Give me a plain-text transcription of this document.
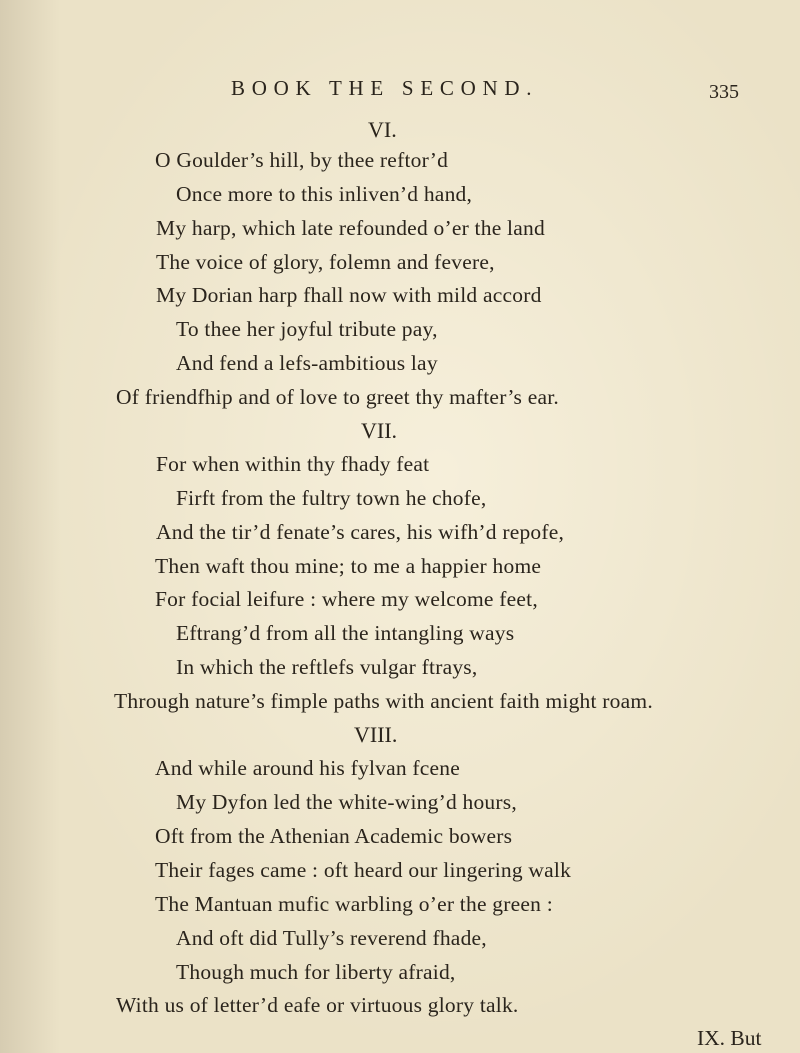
BOOK THE SECOND.	335
VI.
O Goulder’s hill, by thee reftor’d
Once more to this inliven’d hand,
My harp, which late refounded o’er the land
The voice of glory, folemn and fevere,
My Dorian harp fhall now with mild accord
To thee her joyful tribute pay,
And fend a lefs-ambitious lay
Of friendfhip and of love to greet thy mafter’s ear.
VII.
For when within thy fhady feat
Firft from the fultry town he chofe,
And the tir’d fenate’s cares, his wifh’d repofe,
Then waft thou mine; to me a happier home
For focial leifure : where my welcome feet,
Eftrang’d from all the intangling ways
In which the reftlefs vulgar ftrays,
Through nature’s fimple paths with ancient faith might roam.
VIII.
And while around his fylvan fcene
My Dyfon led the white-wing’d hours,
Oft from the Athenian Academic bowers
Their fages came : oft heard our lingering walk
The Mantuan mufic warbling o’er the green :
And oft did Tully’s reverend fhade,
Though much for liberty afraid,
With us of letter’d eafe or virtuous glory talk.
IX. But
